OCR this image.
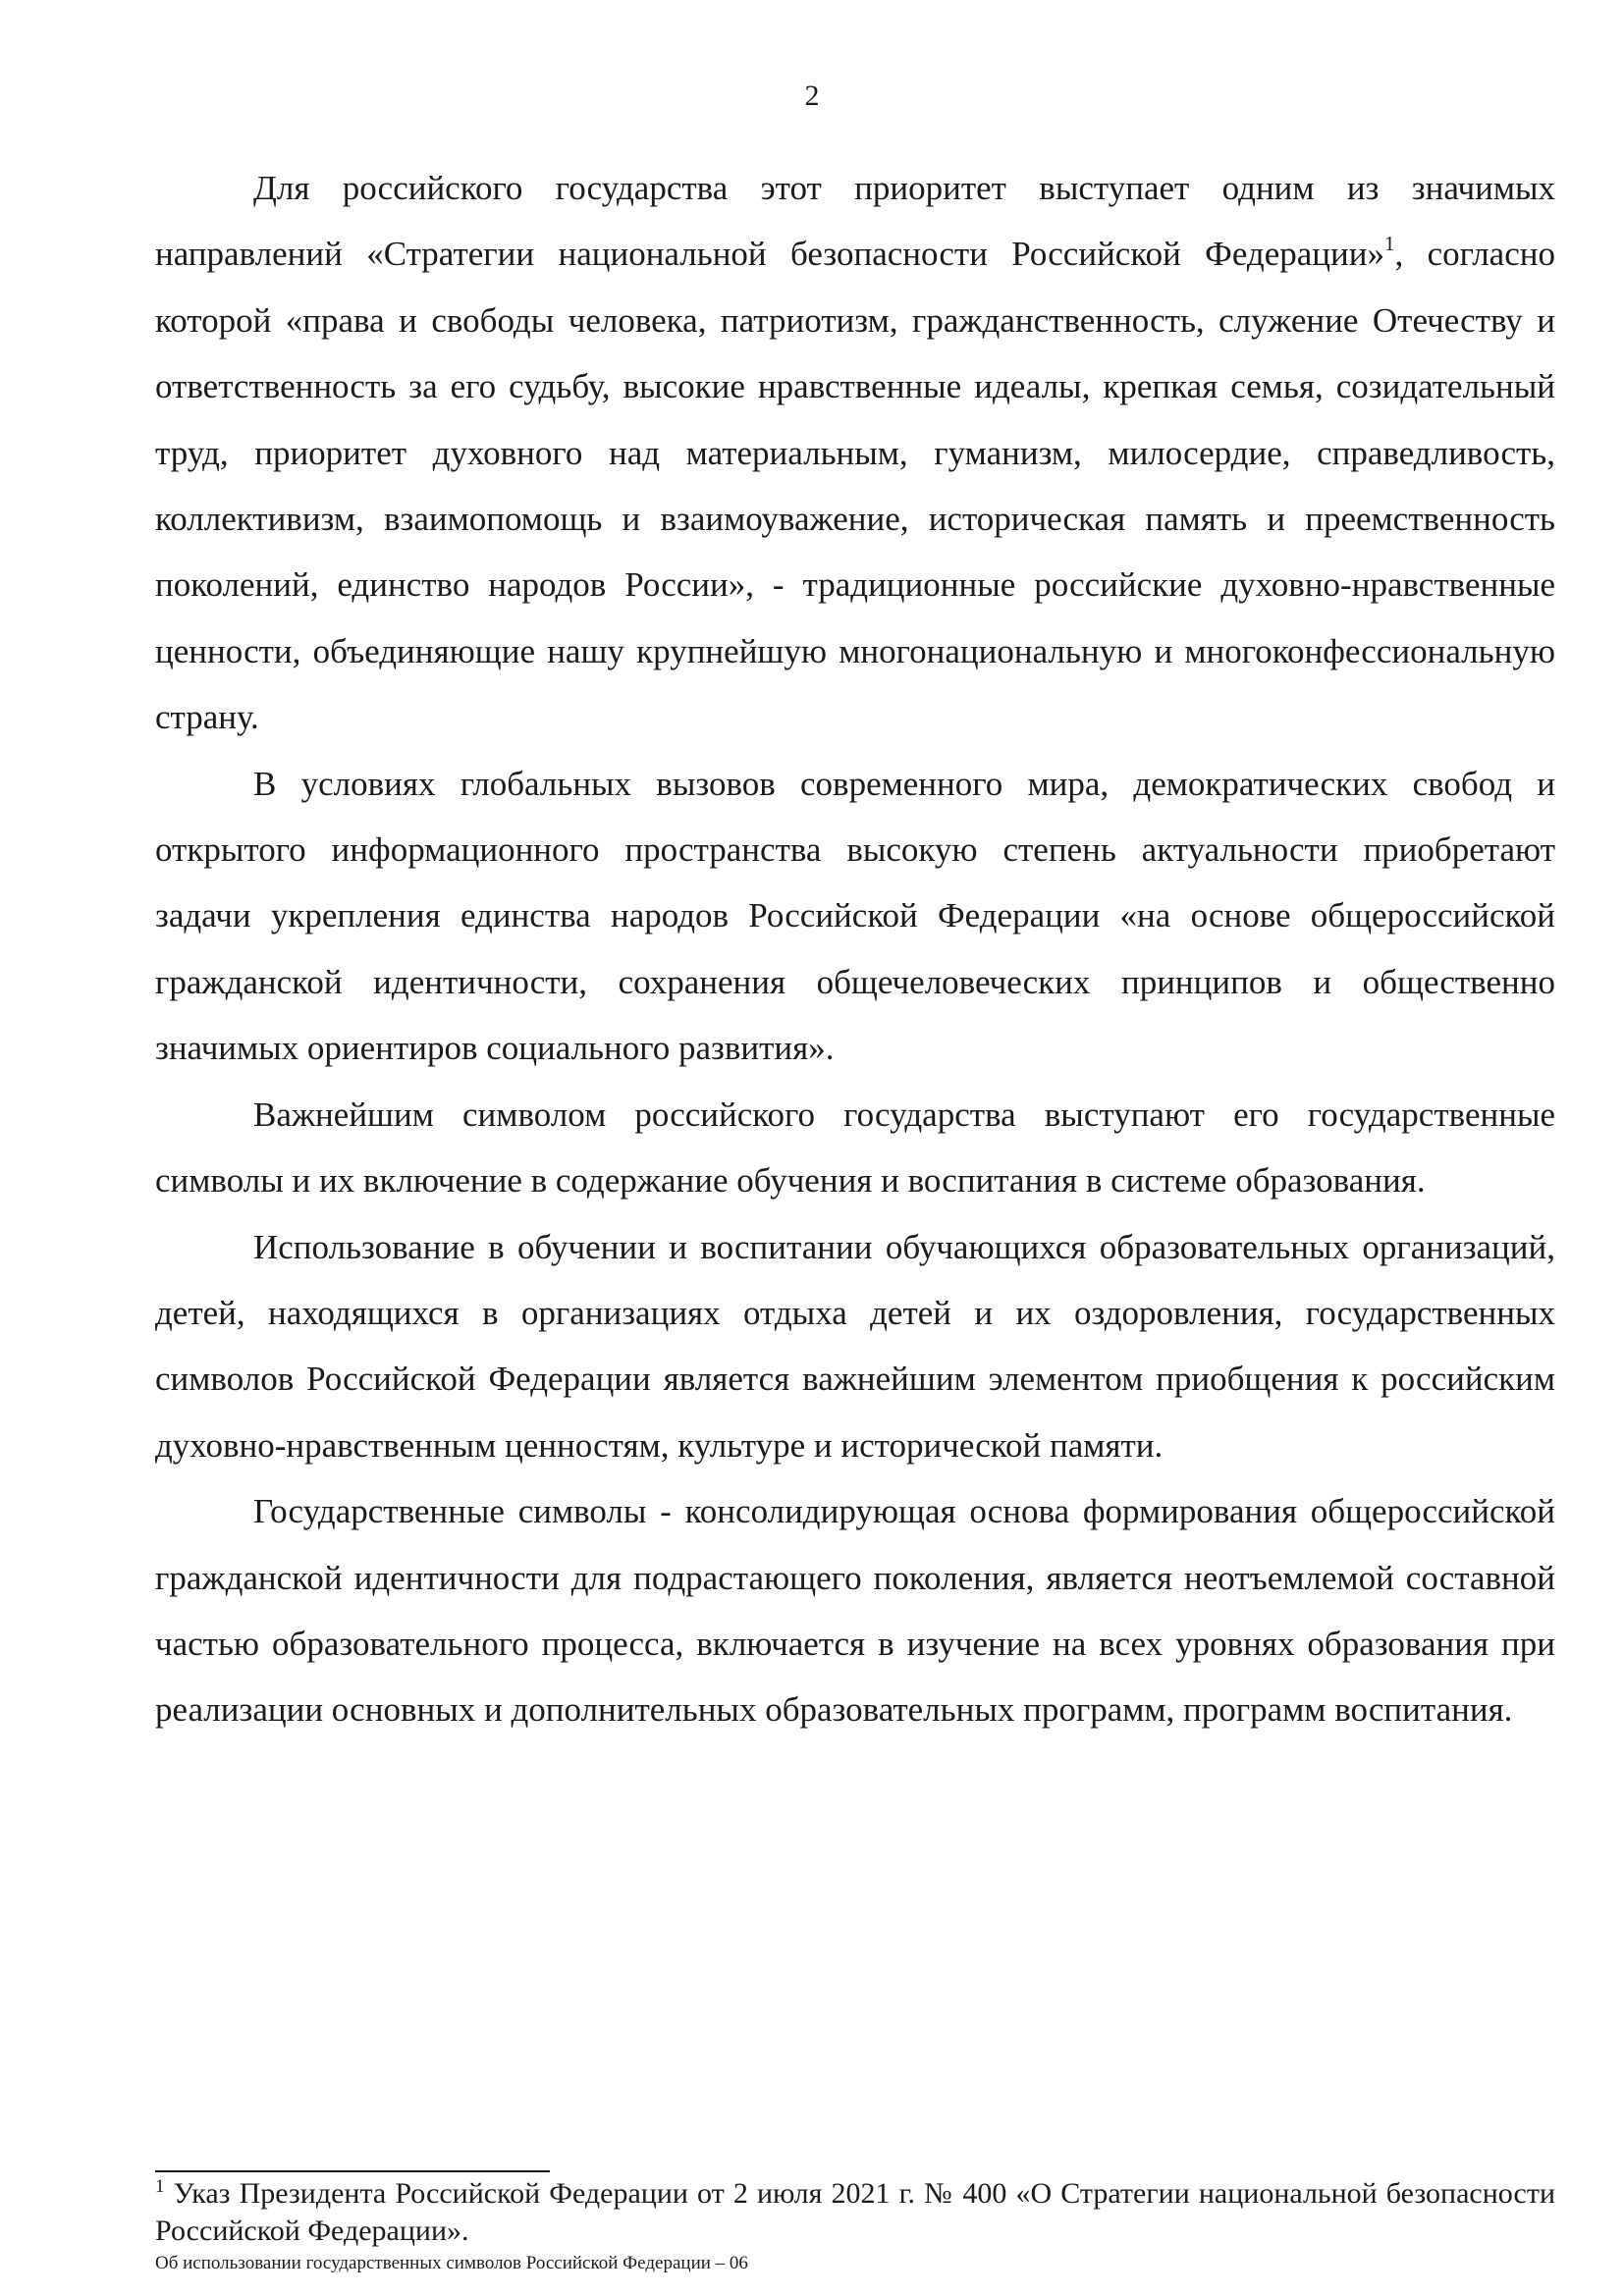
2

Для российского государства этот приоритет выступает одним из значимых направлений «Стратегии национальной безопасности Российской Федерации»$^1$, согласно которой «права и свободы человека, патриотизм, гражданственность, служение Отечеству и ответственность за его судьбу, высокие нравственные идеалы, крепкая семья, созидательный труд, приоритет духовного над материальным, гуманизм, милосердие, справедливость, коллективизм, взаимопомощь и взаимоуважение, историческая память и преемственность поколений, единство народов России», - традиционные российские духовно-нравственные ценности, объединяющие нашу крупнейшую многонациональную и многоконфессиональную страну.

В условиях глобальных вызовов современного мира, демократических свобод и открытого информационного пространства высокую степень актуальности приобретают задачи укрепления единства народов Российской Федерации «на основе общероссийской гражданской идентичности, сохранения общечеловеческих принципов и общественно значимых ориентиров социального развития».

Важнейшим символом российского государства выступают его государственные символы и их включение в содержание обучения и воспитания в системе образования.

Использование в обучении и воспитании обучающихся образовательных организаций, детей, находящихся в организациях отдыха детей и их оздоровления, государственных символов Российской Федерации является важнейшим элементом приобщения к российским духовно-нравственным ценностям, культуре и исторической памяти.

Государственные символы - консолидирующая основа формирования общероссийской гражданской идентичности для подрастающего поколения, является неотъемлемой составной частью образовательного процесса, включается в изучение на всех уровнях образования при реализации основных и дополнительных образовательных программ, программ воспитания.

$^1$ Указ Президента Российской Федерации от 2 июля 2021 г. № 400 «О Стратегии национальной безопасности Российской Федерации».

Об использовании государственных символов Российской Федерации – 06
